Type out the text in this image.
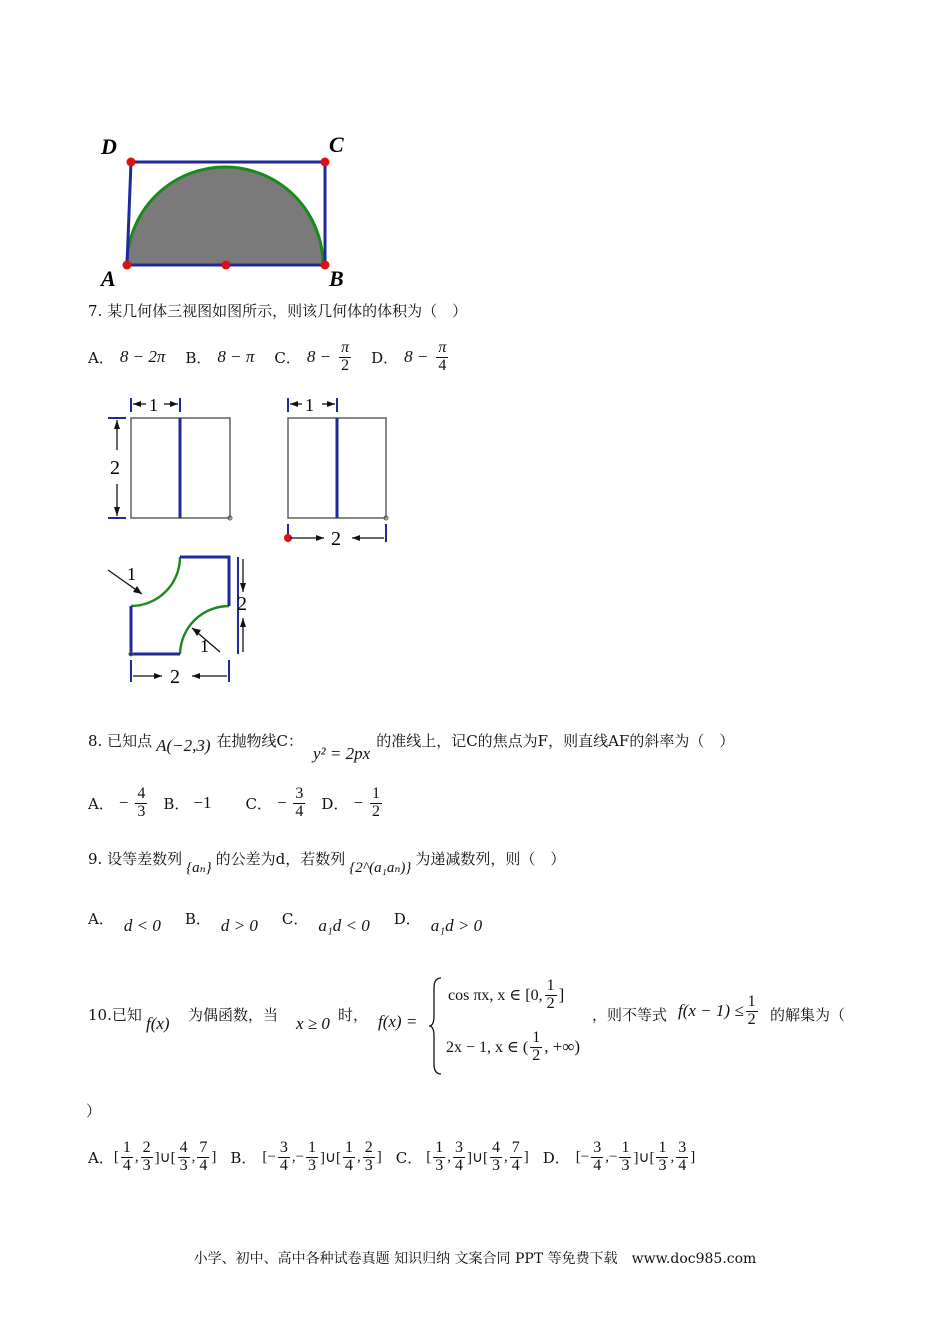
D	C
A	B
7. 某几何体三视图如图所示，则该几何体的体积为（　）
A． 8 − 2π B． 8 − π C． $8 - \frac{\pi}{2}$ D． $8 - \frac{\pi}{4}$
1
2
1
2
1
1
2
2
8. 已知点 A(−2,3) 在抛物线C：
y² = 2px
的准线上，记C的焦点为F，则直线AF的斜率为（　）
A． − $\frac{4}{3}$ B． −1 C． − $\frac{3}{4}$ D． − $\frac{1}{2}$
9. 设等差数列 {aₙ} 的公差为d，若数列 {2^(a₁aₙ)} 为递减数列，则（　）
A． d < 0 B． d > 0 C． a₁d < 0 D． a₁d > 0
10.已知 f(x) 为偶函数，当 x ≥ 0 时， f(x) =
cos πx, x ∈ [0, $\frac{1}{2}$ ]
2x − 1, x ∈ ( $\frac{1}{2}$ , +∞)
，则不等式 $f(x - 1) \le \frac{1}{2}$ 的解集为（
）
A． [ $\frac{1}{4}$ , $\frac{2}{3}$ ]∪[ $\frac{4}{3}$ , $\frac{7}{4}$ ] B． [− $\frac{3}{4}$ ,− $\frac{1}{3}$ ]∪[ $\frac{1}{4}$ , $\frac{2}{3}$ ] C． [ $\frac{1}{3}$ , $\frac{3}{4}$ ]∪[ $\frac{4}{3}$ , $\frac{7}{4}$ ] D． [− $\frac{3}{4}$ ,− $\frac{1}{3}$ ]∪[ $\frac{1}{3}$ , $\frac{3}{4}$ ]
小学、初中、高中各种试卷真题 知识归纳 文案合同 PPT 等免费下载　www.doc985.com
